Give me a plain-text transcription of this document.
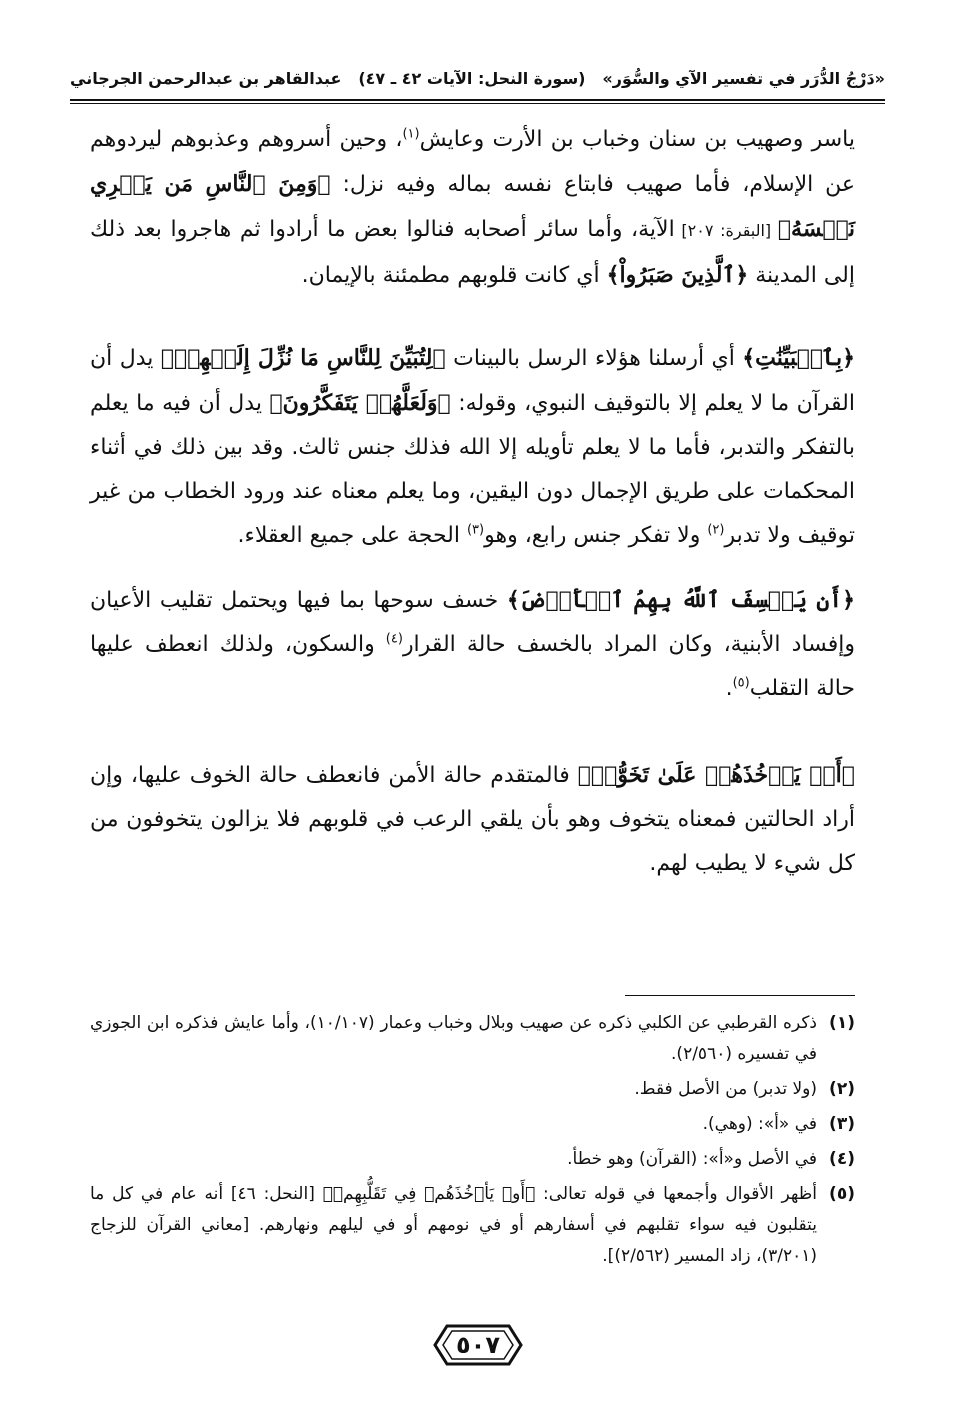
«دَرْجُ الدُّرَر في تفسير الآي والسُّوَر»
(سورة النحل: الآيات ٤٢ ـ ٤٧)
عبدالقاهر بن عبدالرحمن الجرجاني

ياسر وصهيب بن سنان وخباب بن الأرت وعايش$^{(١)}$، وحين أسروهم وعذبوهم ليردوهم عن الإسلام، فأما صهيب فابتاع نفسه بماله وفيه نزل: ﴿وَمِنَ ٱلنَّاسِ مَن يَشۡرِي نَفۡسَهُ﴾ [البقرة: ٢٠٧] الآية، وأما سائر أصحابه فنالوا بعض ما أرادوا ثم هاجروا بعد ذلك إلى المدينة ﴿ٱلَّذِينَ صَبَرُواْ﴾ أي كانت قلوبهم مطمئنة بالإيمان.

﴿بِٱلۡبَيِّنَٰتِ﴾ أي أرسلنا هؤلاء الرسل بالبينات ﴿لِتُبَيِّنَ لِلنَّاسِ مَا نُزِّلَ إِلَيۡهِمۡ﴾ يدل أن القرآن ما لا يعلم إلا بالتوقيف النبوي، وقوله: ﴿وَلَعَلَّهُمۡ يَتَفَكَّرُونَ﴾ يدل أن فيه ما يعلم بالتفكر والتدبر، فأما ما لا يعلم تأويله إلا الله فذلك جنس ثالث. وقد بين ذلك في أثناء المحكمات على طريق الإجمال دون اليقين، وما يعلم معناه عند ورود الخطاب من غير توقيف ولا تدبر$^{(٢)}$ ولا تفكر جنس رابع، وهو$^{(٣)}$ الحجة على جميع العقلاء.

﴿أَن يَخۡسِفَ ٱللَّهُ بِهِمُ ٱلۡأَرۡضَ﴾ خسف سوحها بما فيها ويحتمل تقليب الأعيان وإفساد الأبنية، وكان المراد بالخسف حالة القرار$^{(٤)}$ والسكون، ولذلك انعطف عليها حالة التقلب$^{(٥)}$.

﴿أَوۡ يَأۡخُذَهُمۡ عَلَىٰ تَخَوُّفٖ﴾ فالمتقدم حالة الأمن فانعطف حالة الخوف عليها، وإن أراد الحالتين فمعناه يتخوف وهو بأن يلقي الرعب في قلوبهم فلا يزالون يتخوفون من كل شيء لا يطيب لهم.

(١)
ذكره القرطبي عن الكلبي ذكره عن صهيب وبلال وخباب وعمار (١٠/١٠٧)، وأما عايش فذكره ابن الجوزي في تفسيره (٢/٥٦٠).
(٢)
(ولا تدبر) من الأصل فقط.
(٣)
في «أ»: (وهي).
(٤)
في الأصل و«أ»: (القرآن) وهو خطأ.
(٥)
أظهر الأقوال وأجمعها في قوله تعالى: ﴿أَوۡ يَأۡخُذَهُمۡ فِي تَقَلُّبِهِمۡ﴾ [النحل: ٤٦] أنه عام في كل ما يتقلبون فيه سواء تقلبهم في أسفارهم أو في نومهم أو في ليلهم ونهارهم. [معاني القرآن للزجاج (٣/٢٠١)، زاد المسير (٢/٥٦٢)].
٥٠٧
